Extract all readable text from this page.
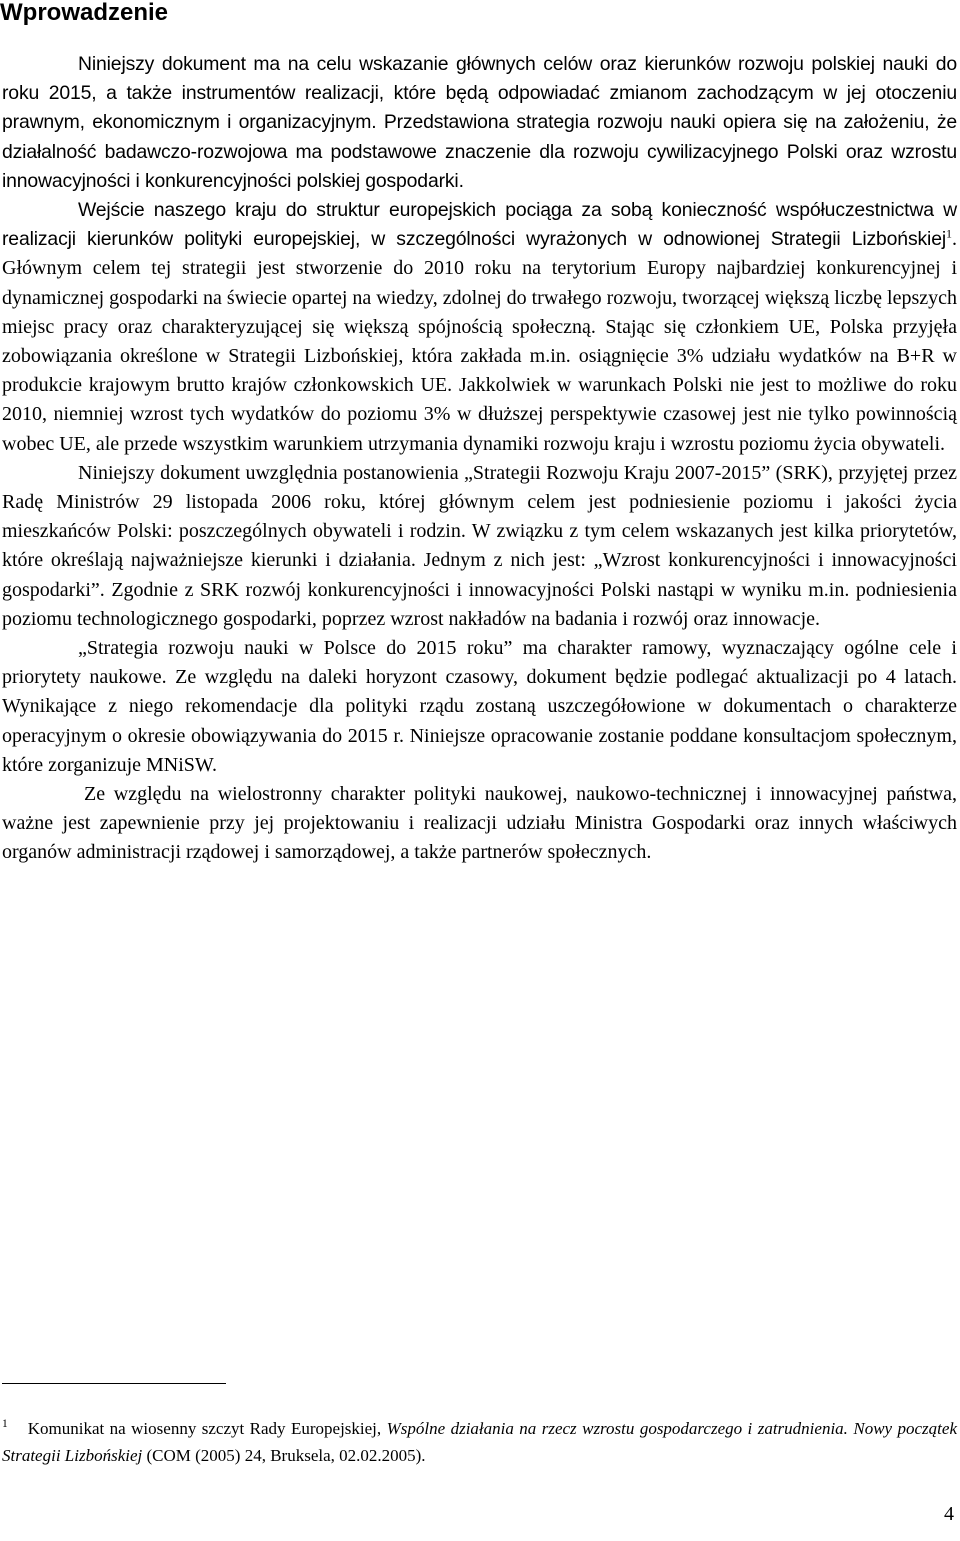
Wprowadzenie

Niniejszy dokument ma na celu wskazanie głównych celów oraz kierunków rozwoju polskiej nauki do roku 2015, a także instrumentów realizacji, które będą odpowiadać zmianom zachodzącym w jej otoczeniu prawnym, ekonomicznym i organizacyjnym. Przedstawiona strategia rozwoju nauki opiera się na założeniu, że działalność badawczo-rozwojowa ma podstawowe znaczenie dla rozwoju cywilizacyjnego Polski oraz wzrostu innowacyjności i konkurencyjności polskiej gospodarki.

Wejście naszego kraju do struktur europejskich pociąga za sobą konieczność współuczestnictwa w realizacji kierunków polityki europejskiej, w szczególności wyrażonych w odnowionej Strategii Lizbońskiej$^1$. Głównym celem tej strategii jest stworzenie do 2010 roku na terytorium Europy najbardziej konkurencyjnej i dynamicznej gospodarki na świecie opartej na wiedzy, zdolnej do trwałego rozwoju, tworzącej większą liczbę lepszych miejsc pracy oraz charakteryzującej się większą spójnością społeczną. Stając się członkiem UE, Polska przyjęła zobowiązania określone w Strategii Lizbońskiej, która zakłada m.in. osiągnięcie 3% udziału wydatków na B+R w produkcie krajowym brutto krajów członkowskich UE. Jakkolwiek w warunkach Polski nie jest to możliwe do roku 2010, niemniej wzrost tych wydatków do poziomu 3% w dłuższej perspektywie czasowej jest nie tylko powinnością wobec UE, ale przede wszystkim warunkiem utrzymania dynamiki rozwoju kraju i wzrostu poziomu życia obywateli.

Niniejszy dokument uwzględnia postanowienia „Strategii Rozwoju Kraju 2007-2015” (SRK), przyjętej przez Radę Ministrów 29 listopada 2006 roku, której głównym celem jest podniesienie poziomu i jakości życia mieszkańców Polski: poszczególnych obywateli i rodzin. W związku z tym celem wskazanych jest kilka priorytetów, które określają najważniejsze kierunki i działania. Jednym z nich jest: „Wzrost konkurencyjności i innowacyjności gospodarki”. Zgodnie z SRK rozwój konkurencyjności i innowacyjności Polski nastąpi w wyniku m.in. podniesienia poziomu technologicznego gospodarki, poprzez wzrost nakładów na badania i rozwój oraz innowacje.

„Strategia rozwoju nauki w Polsce do 2015 roku” ma charakter ramowy, wyznaczający ogólne cele i priorytety naukowe. Ze względu na daleki horyzont czasowy, dokument będzie podlegać aktualizacji po 4 latach. Wynikające z niego rekomendacje dla polityki rządu zostaną uszczegółowione w dokumentach o charakterze operacyjnym o okresie obowiązywania do 2015 r. Niniejsze opracowanie zostanie poddane konsultacjom społecznym, które zorganizuje MNiSW.

Ze względu na wielostronny charakter polityki naukowej, naukowo-technicznej i innowacyjnej państwa, ważne jest zapewnienie przy jej projektowaniu i realizacji udziału Ministra Gospodarki oraz innych właściwych organów administracji rządowej i samorządowej, a także partnerów społecznych.

$^1$ Komunikat na wiosenny szczyt Rady Europejskiej, Wspólne działania na rzecz wzrostu gospodarczego i zatrudnienia. Nowy początek Strategii Lizbońskiej (COM (2005) 24, Bruksela, 02.02.2005).

4
